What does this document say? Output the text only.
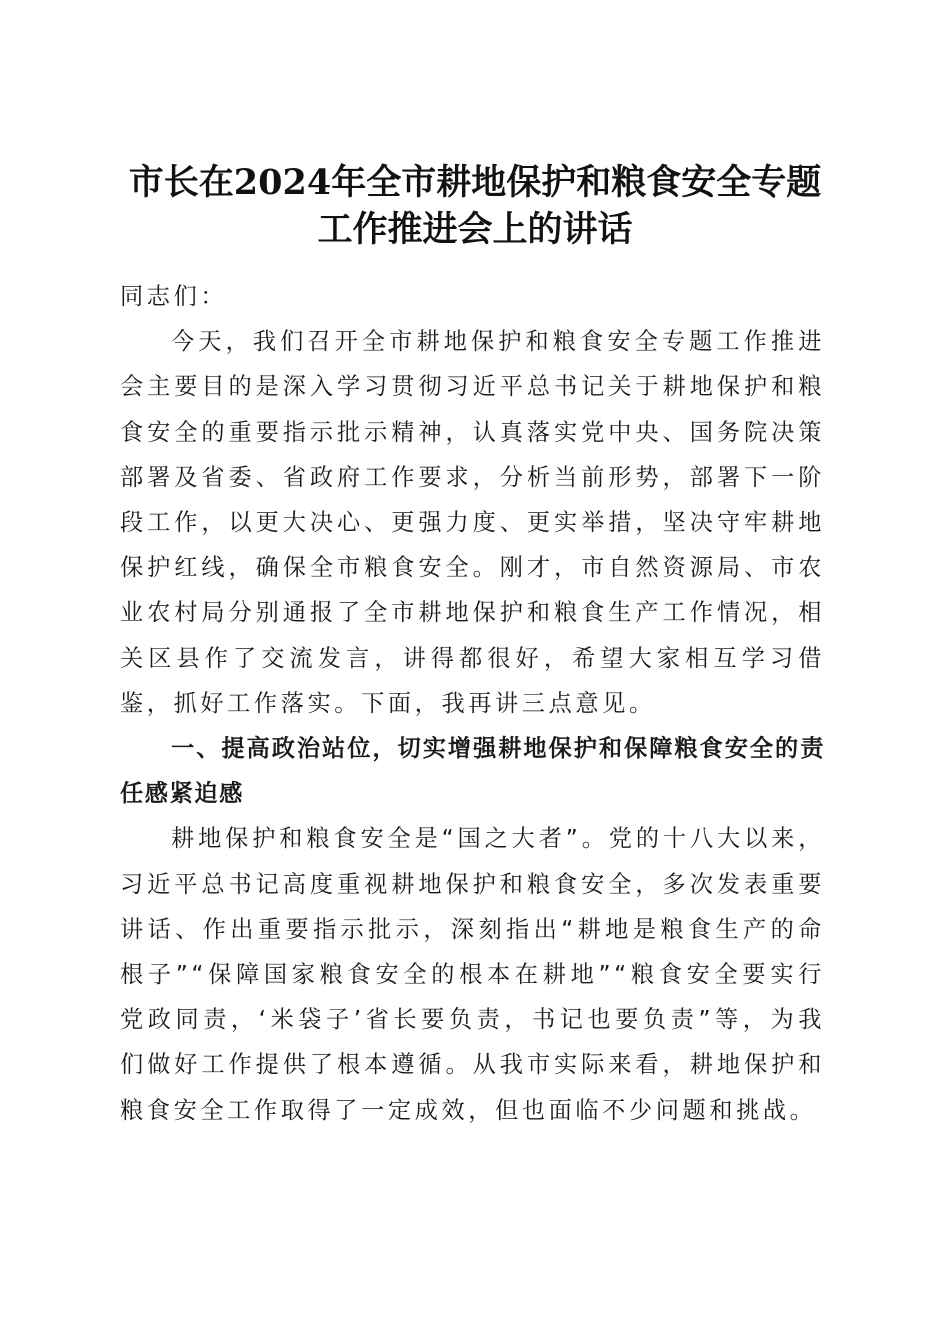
市长在2024年全市耕地保护和粮食安全专题
工作推进会上的讲话

同志们：

今天，我们召开全市耕地保护和粮食安全专题工作推进会主要目的是深入学习贯彻习近平总书记关于耕地保护和粮食安全的重要指示批示精神，认真落实党中央、国务院决策部署及省委、省政府工作要求，分析当前形势，部署下一阶段工作，以更大决心、更强力度、更实举措，坚决守牢耕地保护红线，确保全市粮食安全。刚才，市自然资源局、市农业农村局分别通报了全市耕地保护和粮食生产工作情况，相关区县作了交流发言，讲得都很好，希望大家相互学习借鉴，抓好工作落实。下面，我再讲三点意见。

一、提高政治站位，切实增强耕地保护和保障粮食安全的责任感紧迫感

耕地保护和粮食安全是“国之大者”。党的十八大以来，习近平总书记高度重视耕地保护和粮食安全，多次发表重要讲话、作出重要指示批示，深刻指出“耕地是粮食生产的命根子”“保障国家粮食安全的根本在耕地”“粮食安全要实行党政同责，‘米袋子’省长要负责，书记也要负责”等，为我们做好工作提供了根本遵循。从我市实际来看，耕地保护和粮食安全工作取得了一定成效，但也面临不少问题和挑战。
